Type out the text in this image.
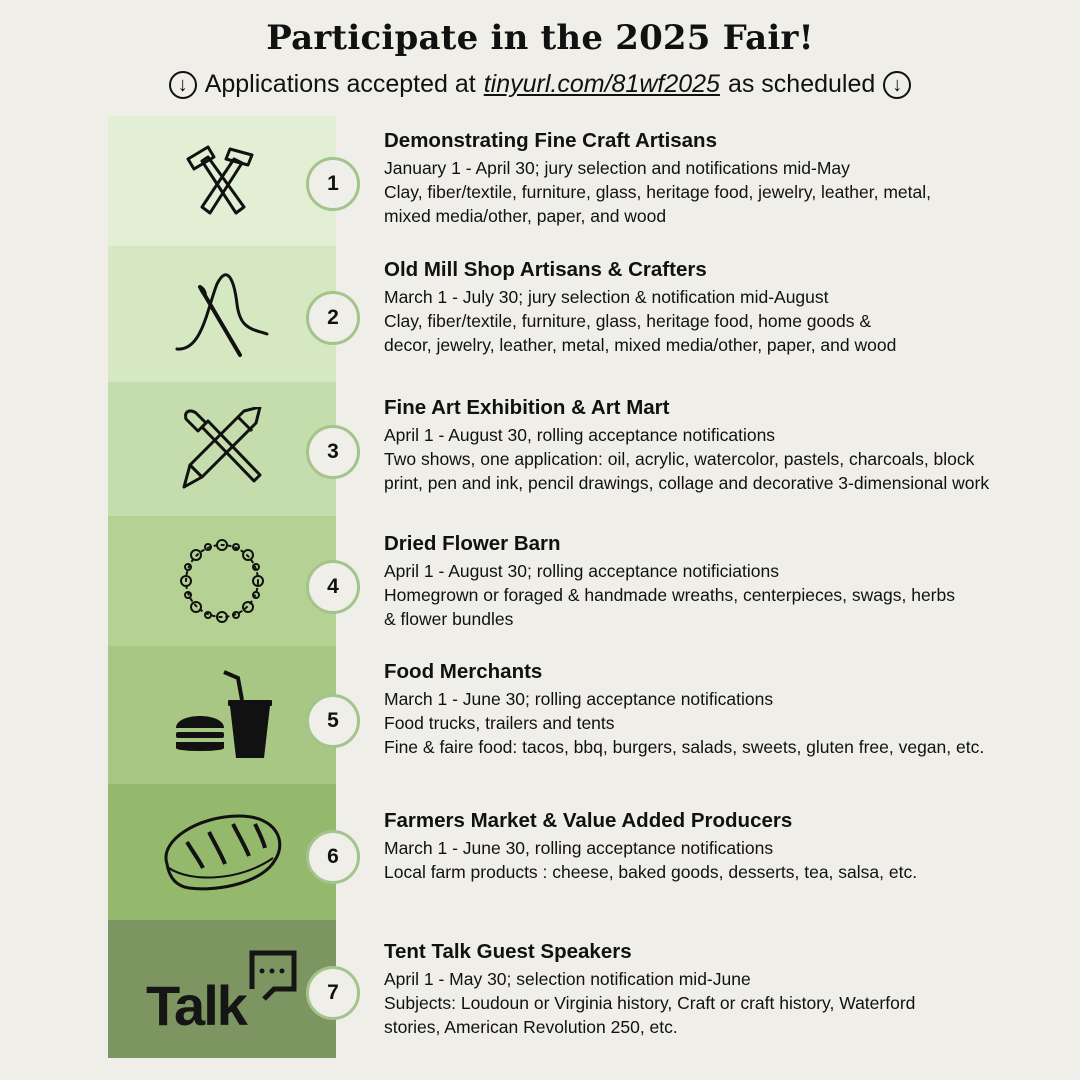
Participate in the 2025 Fair!
↓ Applications accepted at tinyurl.com/81wf2025 as scheduled ↓
1
Demonstrating Fine Craft Artisans
January 1 - April 30; jury selection and notifications mid-May
Clay, fiber/textile, furniture, glass, heritage food, jewelry, leather, metal,
mixed media/other, paper, and wood
2
Old Mill Shop Artisans & Crafters
March 1 - July 30; jury selection & notification mid-August
Clay, fiber/textile, furniture, glass, heritage food, home goods &
decor, jewelry, leather, metal, mixed media/other, paper, and wood
3
Fine Art Exhibition & Art Mart
April 1 - August 30, rolling acceptance notifications
Two shows, one application: oil, acrylic, watercolor, pastels, charcoals, block
print, pen and ink, pencil drawings, collage and decorative 3-dimensional work
4
Dried Flower Barn
April 1 - August 30; rolling acceptance notificiations
Homegrown or foraged & handmade wreaths, centerpieces, swags, herbs
& flower bundles
5
Food Merchants
March 1 - June 30; rolling acceptance notifications
Food trucks, trailers and tents
Fine & faire food: tacos, bbq, burgers, salads, sweets, gluten free, vegan, etc.
6
Farmers Market & Value Added Producers
March 1 - June 30, rolling acceptance notifications
Local farm products : cheese, baked goods, desserts, tea, salsa, etc.
Talk	7
Tent Talk Guest Speakers
April 1 - May 30; selection notification mid-June
Subjects: Loudoun or Virginia history, Craft or craft history, Waterford
stories, American Revolution 250, etc.
